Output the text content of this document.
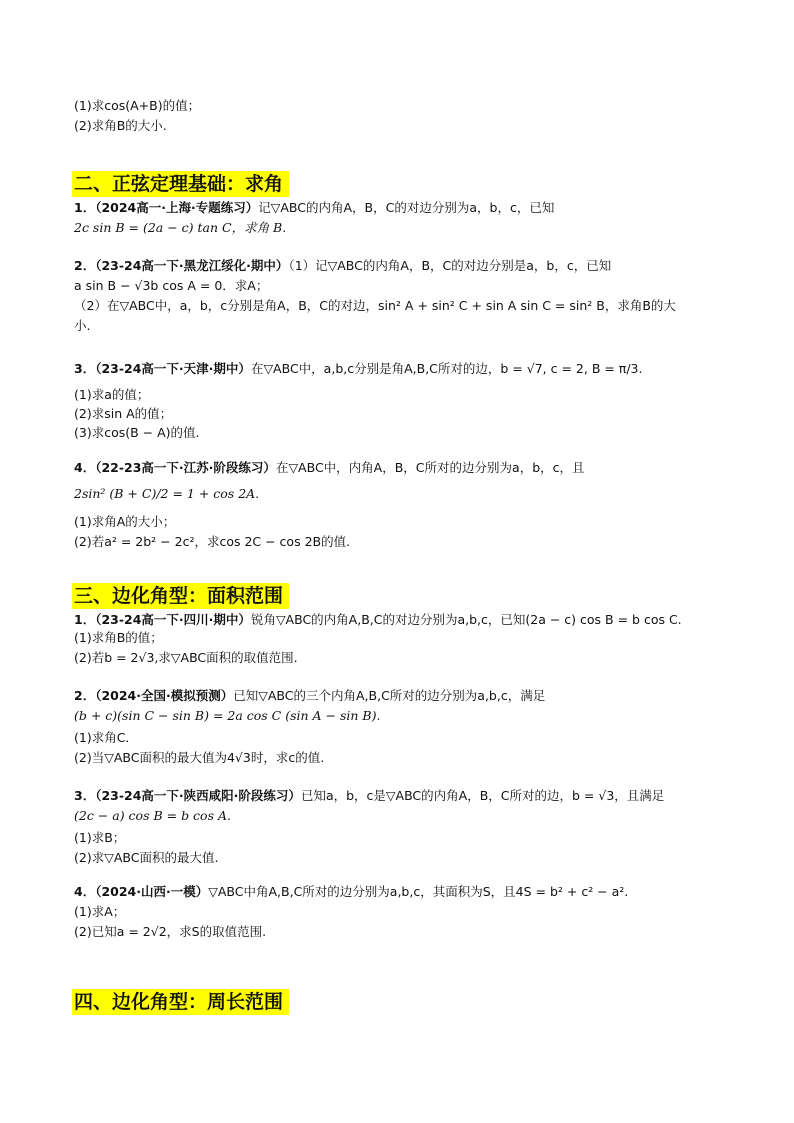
(1)求cos(A+B)的值；
(2)求角B的大小.
二、正弦定理基础：求角
1．（2024高一·上海·专题练习）记▽ABC的内角A，B，C的对边分别为a，b，c，已知
2c sin B = (2a − c) tan C，求角 B.
2．（23-24高一下·黑龙江绥化·期中）（1）记▽ABC的内角A，B，C的对边分别是a，b，c，已知
a sin B − √3b cos A = 0．求A；
（2）在▽ABC中，a，b，c分别是角A，B，C的对边，sin² A + sin² C + sin A sin C = sin² B，求角B的大
小.
3．（23-24高一下·天津·期中）在▽ABC中，a,b,c分别是角A,B,C所对的边，b = √7, c = 2, B = π/3.
(1)求a的值；
(2)求sin A的值；
(3)求cos(B − A)的值.
4．（22-23高一下·江苏·阶段练习）在▽ABC中，内角A，B，C所对的边分别为a，b，c，且
2sin² (B + C)/2 = 1 + cos 2A.
(1)求角A的大小；
(2)若a² = 2b² − 2c²，求cos 2C − cos 2B的值.
三、边化角型：面积范围
1．（23-24高一下·四川·期中）锐角▽ABC的内角A,B,C的对边分别为a,b,c，已知(2a − c) cos B = b cos C.
(1)求角B的值；
(2)若b = 2√3,求▽ABC面积的取值范围.
2．（2024·全国·模拟预测）已知▽ABC的三个内角A,B,C所对的边分别为a,b,c，满足
(b + c)(sin C − sin B) = 2a cos C (sin A − sin B).
(1)求角C．
(2)当▽ABC面积的最大值为4√3时，求c的值.
3．（23-24高一下·陕西咸阳·阶段练习）已知a，b，c是▽ABC的内角A，B，C所对的边，b = √3，且满足
(2c − a) cos B = b cos A.
(1)求B；
(2)求▽ABC面积的最大值.
4．（2024·山西·一模）▽ABC中角A,B,C所对的边分别为a,b,c，其面积为S，且4S = b² + c² − a².
(1)求A；
(2)已知a = 2√2，求S的取值范围.
四、边化角型：周长范围
